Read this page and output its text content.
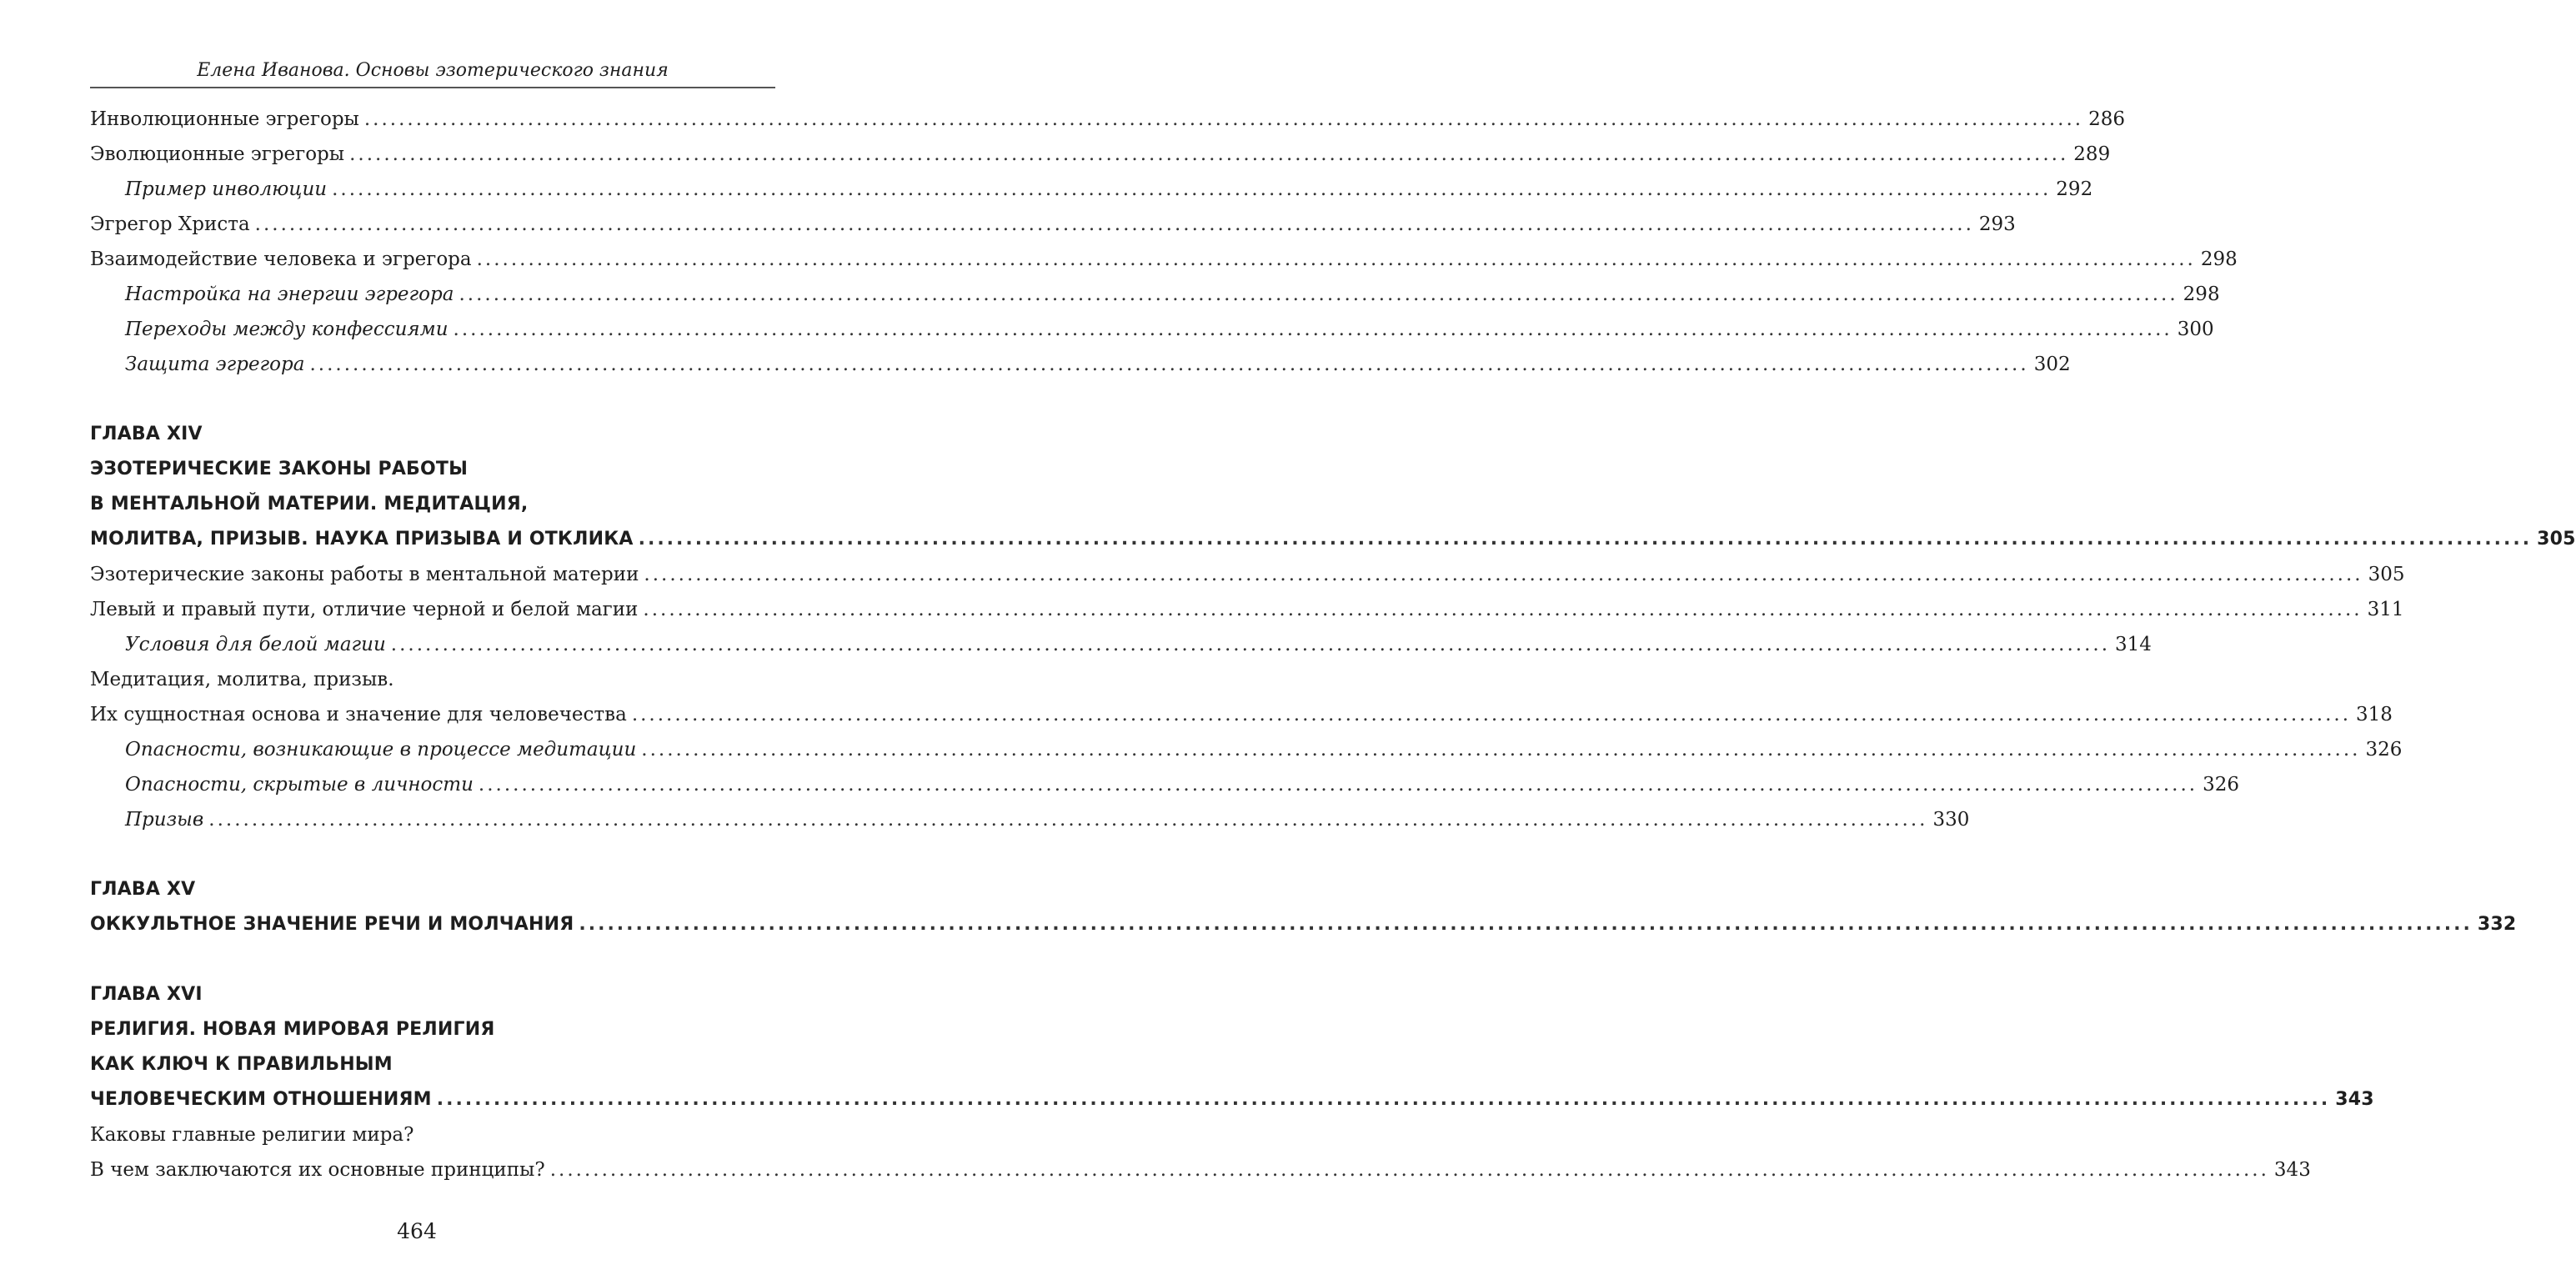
Елена Иванова. Основы эзотерического знания
Инволюционные эгрегоры ........................................................................................................................................................................................................ 286
Эволюционные эгрегоры ........................................................................................................................................................................................................ 289
Пример инволюции ........................................................................................................................................................................................................ 292
Эгрегор Христа ........................................................................................................................................................................................................ 293
Взаимодействие человека и эгрегора ........................................................................................................................................................................................................ 298
Настройка на энергии эгрегора ........................................................................................................................................................................................................ 298
Переходы между конфессиями ........................................................................................................................................................................................................ 300
Защита эгрегора ........................................................................................................................................................................................................ 302
ГЛАВА XIV
ЭЗОТЕРИЧЕСКИЕ ЗАКОНЫ РАБОТЫ
В МЕНТАЛЬНОЙ МАТЕРИИ. МЕДИТАЦИЯ,
МОЛИТВА, ПРИЗЫВ. НАУКА ПРИЗЫВА И ОТКЛИКА ........................................................................................................................................................................................................ 305
Эзотерические законы работы в ментальной материи ........................................................................................................................................................................................................ 305
Левый и правый пути, отличие черной и белой магии ........................................................................................................................................................................................................ 311
Условия для белой магии ........................................................................................................................................................................................................ 314
Медитация, молитва, призыв.
Их сущностная основа и значение для человечества ........................................................................................................................................................................................................ 318
Опасности, возникающие в процессе медитации ........................................................................................................................................................................................................ 326
Опасности, скрытые в личности ........................................................................................................................................................................................................ 326
Призыв ........................................................................................................................................................................................................ 330
ГЛАВА XV
ОККУЛЬТНОЕ ЗНАЧЕНИЕ РЕЧИ И МОЛЧАНИЯ ........................................................................................................................................................................................................ 332
ГЛАВА XVI
РЕЛИГИЯ. НОВАЯ МИРОВАЯ РЕЛИГИЯ
КАК КЛЮЧ К ПРАВИЛЬНЫМ
ЧЕЛОВЕЧЕСКИМ ОТНОШЕНИЯМ ........................................................................................................................................................................................................ 343
Каковы главные религии мира?
В чем заключаются их основные принципы? ........................................................................................................................................................................................................ 343
464
